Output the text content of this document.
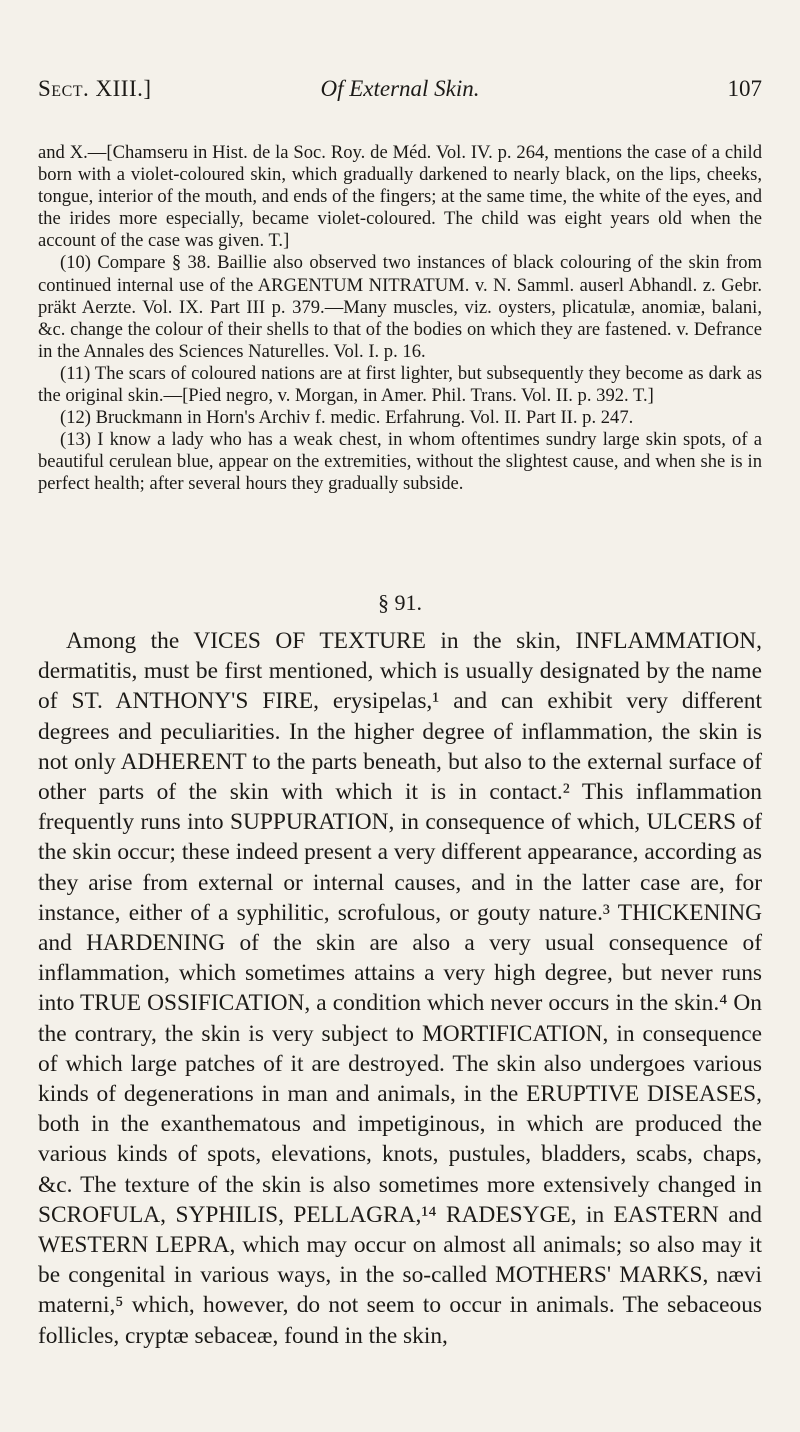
Sect. XIII.]	Of External Skin.	107

and X.—[Chamseru in Hist. de la Soc. Roy. de Méd. Vol. IV. p. 264, mentions the case of a child born with a violet-coloured skin, which gradually darkened to nearly black, on the lips, cheeks, tongue, interior of the mouth, and ends of the fingers; at the same time, the white of the eyes, and the irides more especially, became violet-coloured. The child was eight years old when the account of the case was given. T.]

(10) Compare § 38. Baillie also observed two instances of black colouring of the skin from continued internal use of the ARGENTUM NITRATUM. v. N. Samml. auserl Abhandl. z. Gebr. präkt Aerzte. Vol. IX. Part III p. 379.—Many muscles, viz. oysters, plicatulæ, anomiæ, balani, &c. change the colour of their shells to that of the bodies on which they are fastened. v. Defrance in the Annales des Sciences Naturelles. Vol. I. p. 16.

(11) The scars of coloured nations are at first lighter, but subsequently they become as dark as the original skin.—[Pied negro, v. Morgan, in Amer. Phil. Trans. Vol. II. p. 392. T.]

(12) Bruckmann in Horn's Archiv f. medic. Erfahrung. Vol. II. Part II. p. 247.

(13) I know a lady who has a weak chest, in whom oftentimes sundry large skin spots, of a beautiful cerulean blue, appear on the extremities, without the slightest cause, and when she is in perfect health; after several hours they gradually subside.

§ 91.

Among the VICES OF TEXTURE in the skin, INFLAMMATION, dermatitis, must be first mentioned, which is usually designated by the name of ST. ANTHONY'S FIRE, erysipelas,¹ and can exhibit very different degrees and peculiarities. In the higher degree of inflammation, the skin is not only ADHERENT to the parts beneath, but also to the external surface of other parts of the skin with which it is in contact.² This inflammation frequently runs into SUPPURATION, in consequence of which, ULCERS of the skin occur; these indeed present a very different appearance, according as they arise from external or internal causes, and in the latter case are, for instance, either of a syphilitic, scrofulous, or gouty nature.³ THICKENING and HARDENING of the skin are also a very usual consequence of inflammation, which sometimes attains a very high degree, but never runs into TRUE OSSIFICATION, a condition which never occurs in the skin.⁴ On the contrary, the skin is very subject to MORTIFICATION, in consequence of which large patches of it are destroyed. The skin also undergoes various kinds of degenerations in man and animals, in the ERUPTIVE DISEASES, both in the exanthematous and impetiginous, in which are produced the various kinds of spots, elevations, knots, pustules, bladders, scabs, chaps, &c. The texture of the skin is also sometimes more extensively changed in SCROFULA, SYPHILIS, PELLAGRA,¹⁴ RADESYGE, in EASTERN and WESTERN LEPRA, which may occur on almost all animals; so also may it be congenital in various ways, in the so-called MOTHERS' MARKS, nævi materni,⁵ which, however, do not seem to occur in animals. The sebaceous follicles, cryptæ sebaceæ, found in the skin,
